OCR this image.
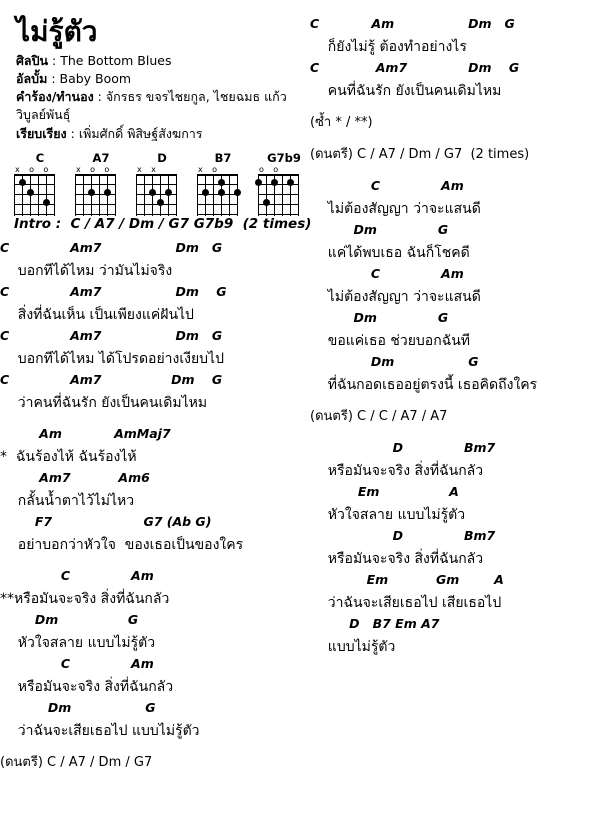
ไม่รู้ตัว
ศิลปิน : The Bottom Blues
อัลบั้ม : Baby Boom
คำร้อง/ทำนอง : จักรธร ขจรไชยกูล, ไชยฉมธ แก้ววิบูลย์พันธุ์
เรียบเรียง : เพิ่มศักดิ์ พิสิษฐ์สังฆการ
C
x o o
A7
x o o
D
x x
B7
x o
G7b9
o o
Intro :  C / A7 / Dm / G7 G7b9  (2 times)
C              Am7                 Dm   G
บอกทีได้ไหม ว่ามันไม่จริง
C              Am7                 Dm    G
สิ่งที่ฉันเห็น เป็นเพียงแค่ฝันไป
C              Am7                 Dm   G
บอกทีได้ไหม ได้โปรดอย่างเงียบไป
C              Am7                Dm    G
ว่าคนที่ฉันรัก ยังเป็นคนเดิมไหม
Am            AmMaj7
*  ฉันร้องไห้ ฉันร้องไห้
Am7           Am6
กลั้นน้ำตาไว้ไม่ไหว
F7                     G7 (Ab G)
อย่าบอกว่าหัวใจ  ของเธอเป็นของใคร
C              Am
**หรือมันจะจริง สิ่งที่ฉันกลัว
Dm                G
หัวใจสลาย แบบไม่รู้ตัว
C              Am
หรือมันจะจริง สิ่งที่ฉันกลัว
Dm                 G
ว่าฉันจะเสียเธอไป แบบไม่รู้ตัว
(ดนตรี) C / A7 / Dm / G7
C            Am                 Dm   G
ก็ยังไม่รู้ ต้องทำอย่างไร
C             Am7              Dm    G
คนที่ฉันรัก ยังเป็นคนเดิมไหม
(ซ้ำ * / **)
(ดนตรี) C / A7 / Dm / G7  (2 times)
C              Am
ไม่ต้องสัญญา ว่าจะแสนดี
Dm              G
แค่ได้พบเธอ ฉันก็โชคดี
C              Am
ไม่ต้องสัญญา ว่าจะแสนดี
Dm              G
ขอแค่เธอ ช่วยบอกฉันที
Dm                 G
ที่ฉันกอดเธออยู่ตรงนี้ เธอคิดถึงใคร
(ดนตรี) C / C / A7 / A7
D              Bm7
หรือมันจะจริง สิ่งที่ฉันกลัว
Em                A
หัวใจสลาย แบบไม่รู้ตัว
D              Bm7
หรือมันจะจริง สิ่งที่ฉันกลัว
Em           Gm        A
ว่าฉันจะเสียเธอไป เสียเธอไป
D   B7 Em A7
แบบไม่รู้ตัว
